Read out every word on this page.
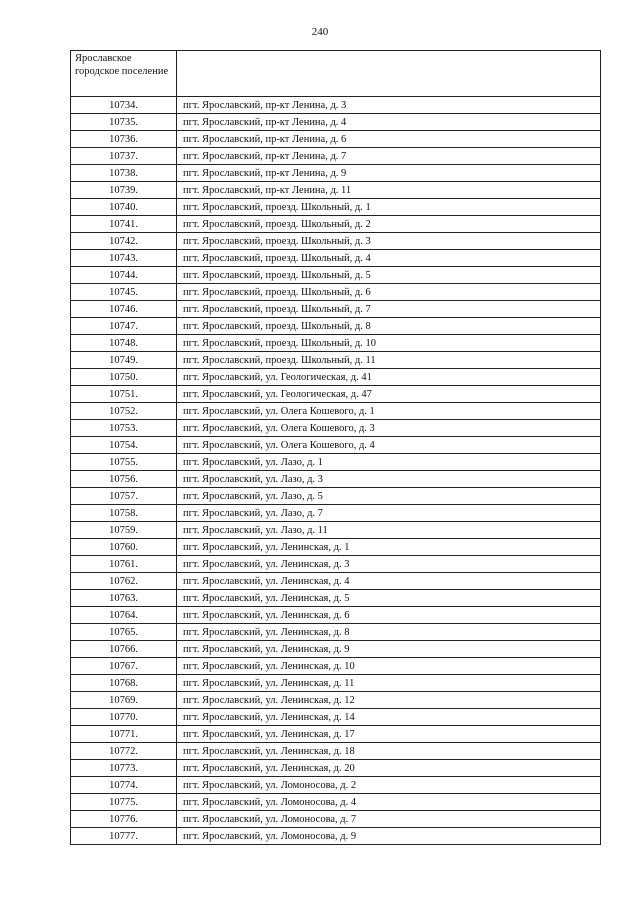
240
Ярославское городское поселение	
10734.	пгт. Ярославский, пр-кт Ленина, д. 3
10735.	пгт. Ярославский, пр-кт Ленина, д. 4
10736.	пгт. Ярославский, пр-кт Ленина, д. 6
10737.	пгт. Ярославский, пр-кт Ленина, д. 7
10738.	пгт. Ярославский, пр-кт Ленина, д. 9
10739.	пгт. Ярославский, пр-кт Ленина, д. 11
10740.	пгт. Ярославский, проезд. Школьный, д. 1
10741.	пгт. Ярославский, проезд. Школьный, д. 2
10742.	пгт. Ярославский, проезд. Школьный, д. 3
10743.	пгт. Ярославский, проезд. Школьный, д. 4
10744.	пгт. Ярославский, проезд. Школьный, д. 5
10745.	пгт. Ярославский, проезд. Школьный, д. 6
10746.	пгт. Ярославский, проезд. Школьный, д. 7
10747.	пгт. Ярославский, проезд. Школьный, д. 8
10748.	пгт. Ярославский, проезд. Школьный, д. 10
10749.	пгт. Ярославский, проезд. Школьный, д. 11
10750.	пгт. Ярославский, ул. Геологическая, д. 41
10751.	пгт. Ярославский, ул. Геологическая, д. 47
10752.	пгт. Ярославский, ул. Олега Кошевого, д. 1
10753.	пгт. Ярославский, ул. Олега Кошевого, д. 3
10754.	пгт. Ярославский, ул. Олега Кошевого, д. 4
10755.	пгт. Ярославский, ул. Лазо, д. 1
10756.	пгт. Ярославский, ул. Лазо, д. 3
10757.	пгт. Ярославский, ул. Лазо, д. 5
10758.	пгт. Ярославский, ул. Лазо, д. 7
10759.	пгт. Ярославский, ул. Лазо, д. 11
10760.	пгт. Ярославский, ул. Ленинская, д. 1
10761.	пгт. Ярославский, ул. Ленинская, д. 3
10762.	пгт. Ярославский, ул. Ленинская, д. 4
10763.	пгт. Ярославский, ул. Ленинская, д. 5
10764.	пгт. Ярославский, ул. Ленинская, д. 6
10765.	пгт. Ярославский, ул. Ленинская, д. 8
10766.	пгт. Ярославский, ул. Ленинская, д. 9
10767.	пгт. Ярославский, ул. Ленинская, д. 10
10768.	пгт. Ярославский, ул. Ленинская, д. 11
10769.	пгт. Ярославский, ул. Ленинская, д. 12
10770.	пгт. Ярославский, ул. Ленинская, д. 14
10771.	пгт. Ярославский, ул. Ленинская, д. 17
10772.	пгт. Ярославский, ул. Ленинская, д. 18
10773.	пгт. Ярославский, ул. Ленинская, д. 20
10774.	пгт. Ярославский, ул. Ломоносова, д. 2
10775.	пгт. Ярославский, ул. Ломоносова, д. 4
10776.	пгт. Ярославский, ул. Ломоносова, д. 7
10777.	пгт. Ярославский, ул. Ломоносова, д. 9
